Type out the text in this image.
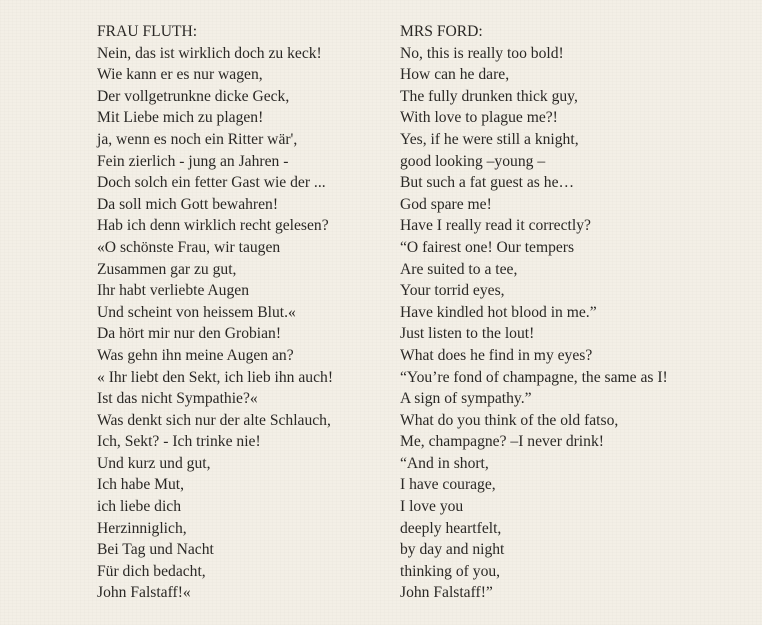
FRAU FLUTH:
Nein, das ist wirklich doch zu keck!
Wie kann er es nur wagen,
Der vollgetrunkne dicke Geck,
Mit Liebe mich zu plagen!
ja, wenn es noch ein Ritter wär',
Fein zierlich - jung an Jahren -
Doch solch ein fetter Gast wie der ...
Da soll mich Gott bewahren!
Hab ich denn wirklich recht gelesen?
«O schönste Frau, wir taugen
Zusammen gar zu gut,
Ihr habt verliebte Augen
Und scheint von heissem Blut.«
Da hört mir nur den Grobian!
Was gehn ihn meine Augen an?
« Ihr liebt den Sekt, ich lieb ihn auch!
Ist das nicht Sympathie?«
Was denkt sich nur der alte Schlauch,
Ich, Sekt? - Ich trinke nie!
Und kurz und gut,
Ich habe Mut,
ich liebe dich
Herzinniglich,
Bei Tag und Nacht
Für dich bedacht,
John Falstaff!«
MRS FORD:
No, this is really too bold!
How can he dare,
The fully drunken thick guy,
With love to plague me?!
Yes, if he were still a knight,
good looking –young –
But such a fat guest as he…
God spare me!
Have I really read it correctly?
“O fairest one! Our tempers
Are suited to a tee,
Your torrid eyes,
Have kindled hot blood in me.”
Just listen to the lout!
What does he find in my eyes?
“You’re fond of champagne, the same as I!
A sign of sympathy.”
What do you think of the old fatso,
Me, champagne? –I never drink!
“And in short,
I have courage,
I love you
deeply heartfelt,
by day and night
thinking of you,
John Falstaff!”
